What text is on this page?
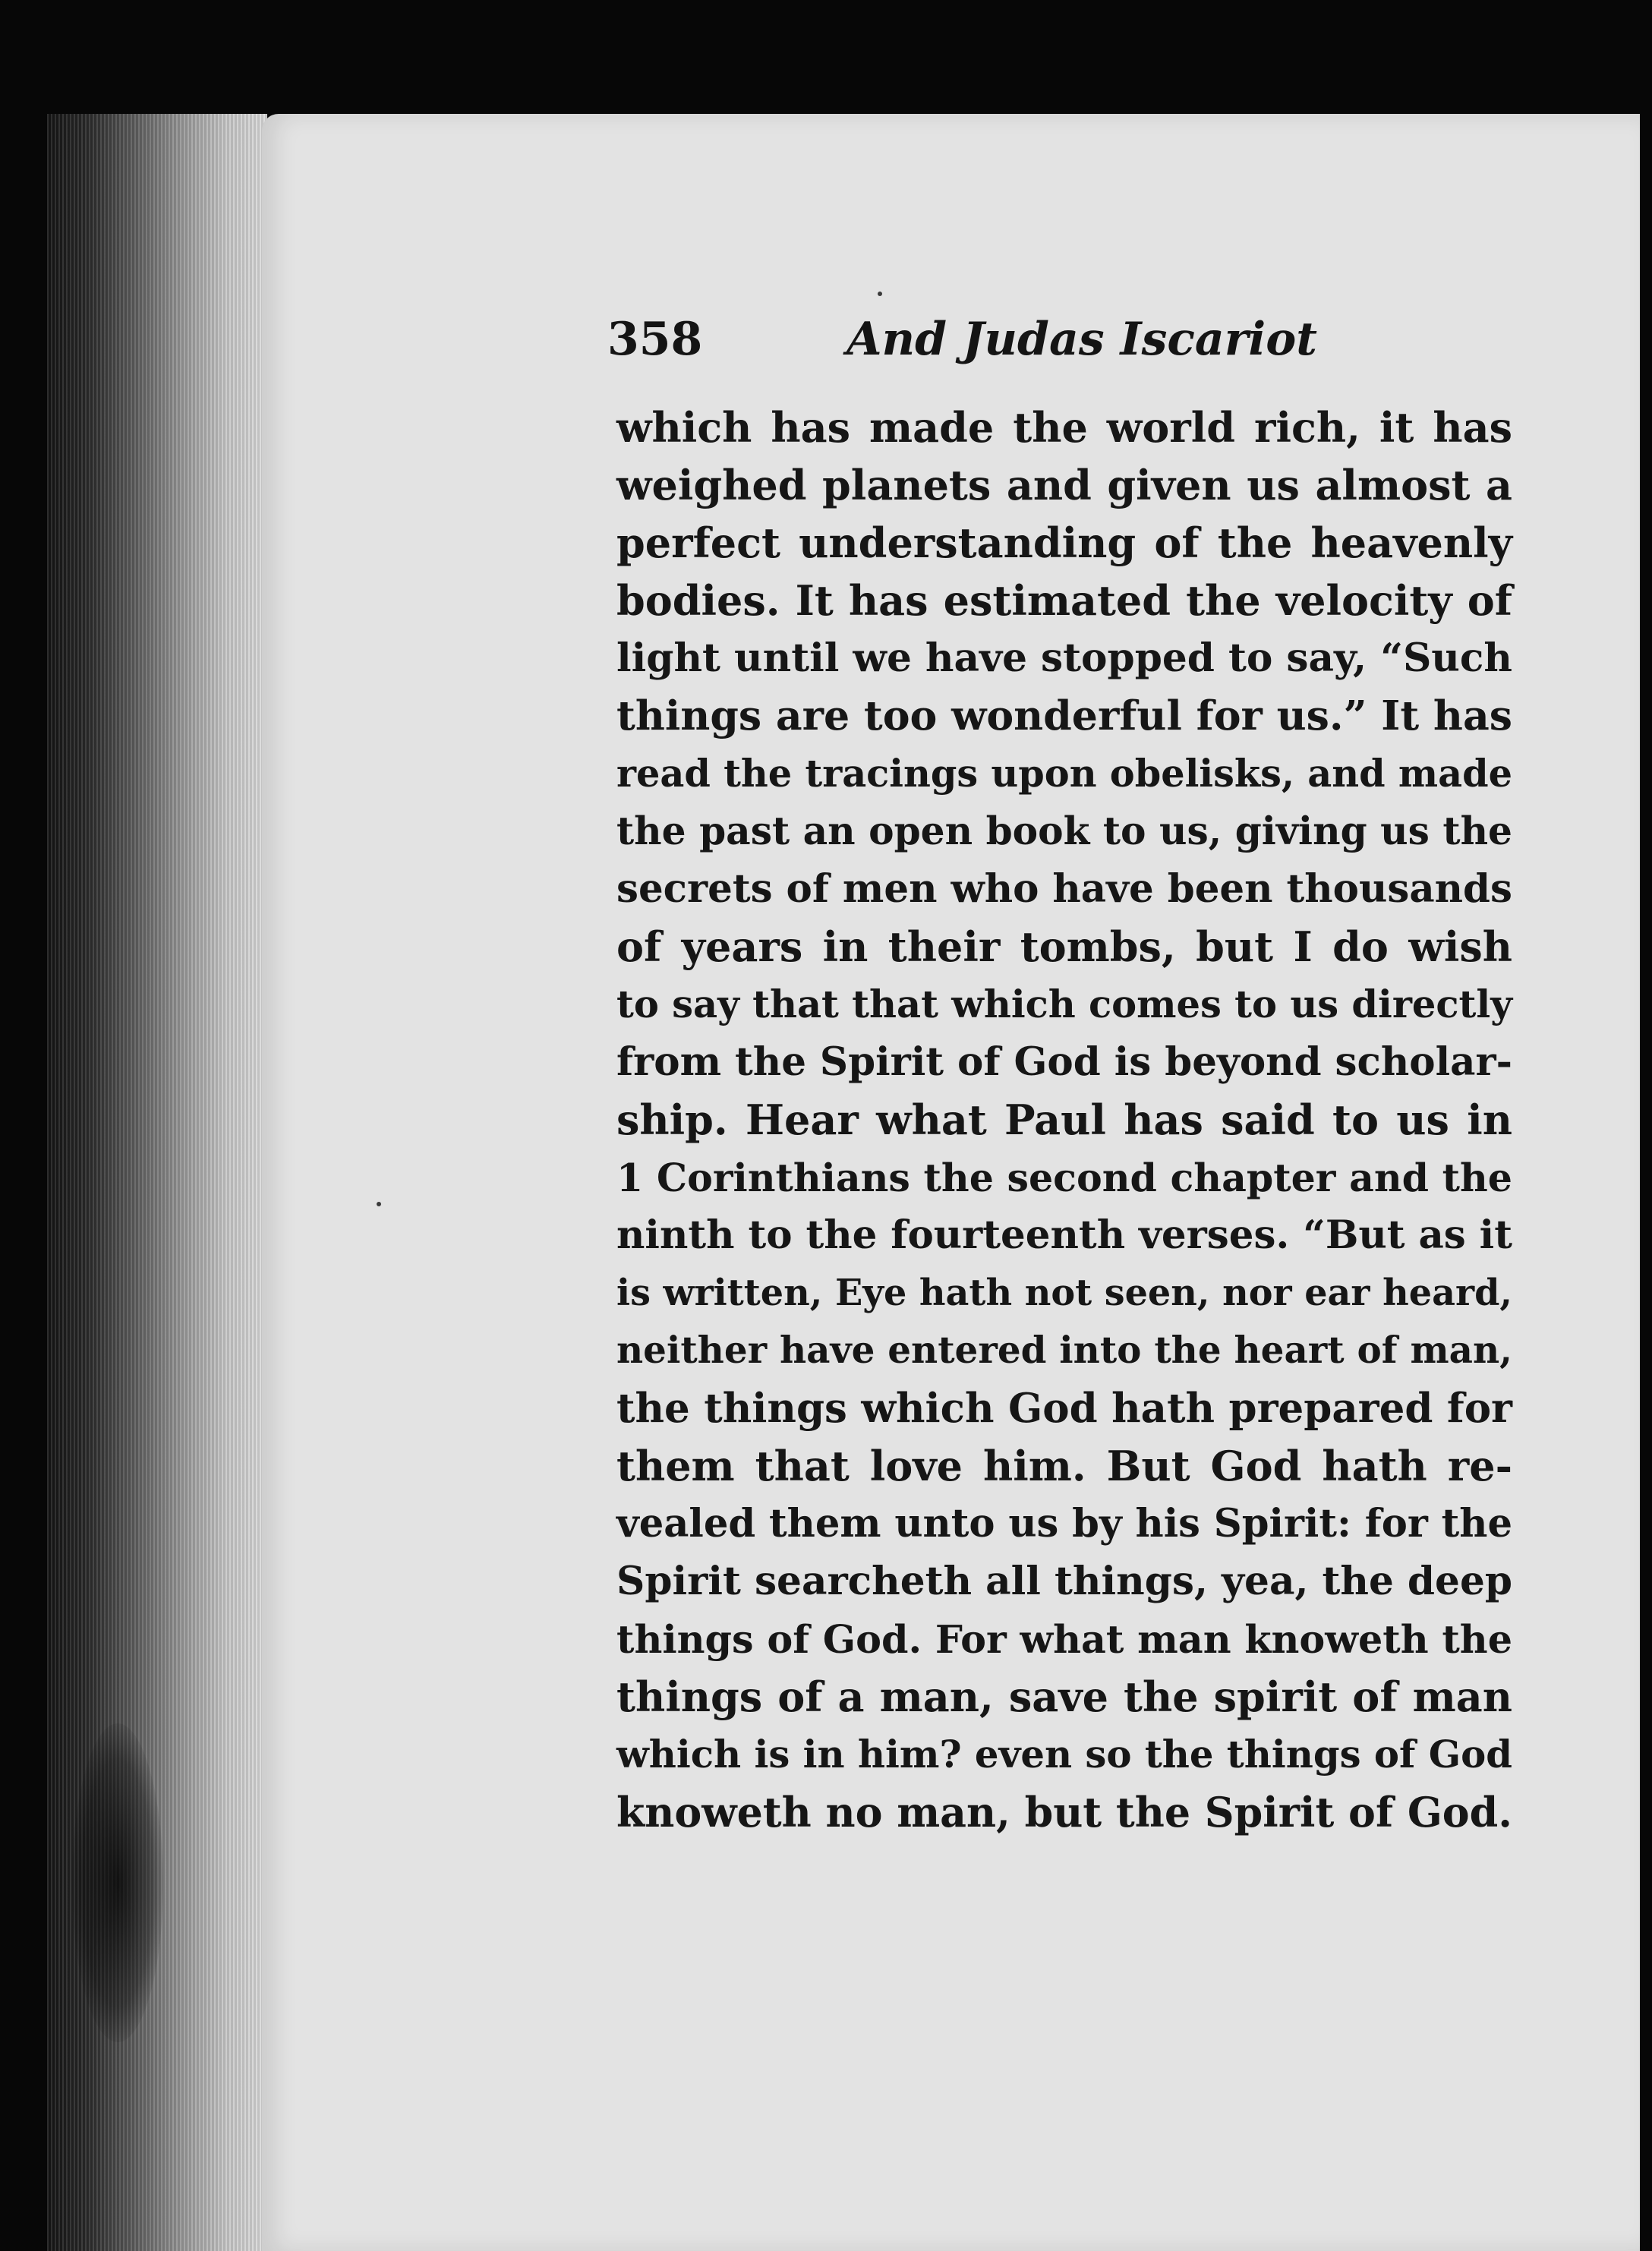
358	And Judas Iscariot
which has made the world rich, it has
weighed planets and given us almost a
perfect understanding of the heavenly
bodies. It has estimated the velocity of
light until we have stopped to say, “Such
things are too wonderful for us.” It has
read the tracings upon obelisks, and made
the past an open book to us, giving us the
secrets of men who have been thousands
of years in their tombs, but I do wish
to say that that which comes to us directly
from the Spirit of God is beyond scholar-
ship. Hear what Paul has said to us in
1 Corinthians the second chapter and the
ninth to the fourteenth verses. “But as it
is written, Eye hath not seen, nor ear heard,
neither have entered into the heart of man,
the things which God hath prepared for
them that love him. But God hath re-
vealed them unto us by his Spirit: for the
Spirit searcheth all things, yea, the deep
things of God. For what man knoweth the
things of a man, save the spirit of man
which is in him? even so the things of God
knoweth no man, but the Spirit of God.
